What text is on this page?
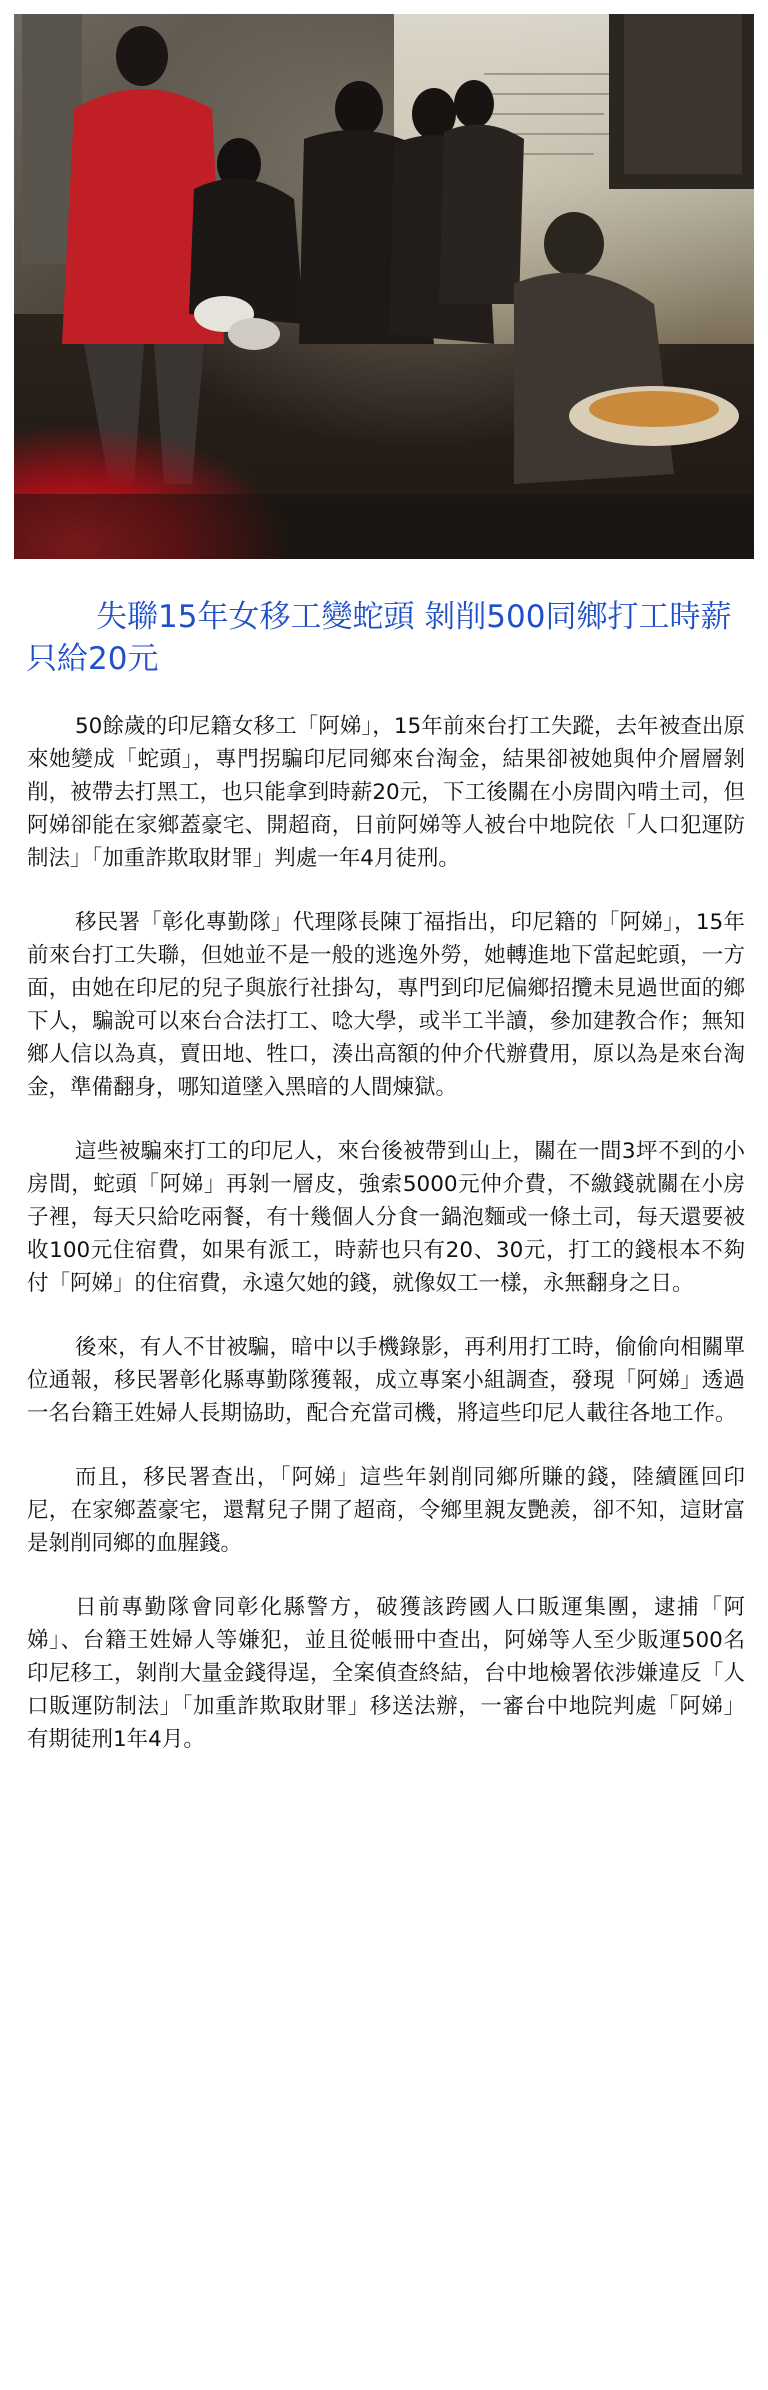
失聯15年女移工變蛇頭 剝削500同鄉打工時薪只給20元

50餘歲的印尼籍女移工「阿娣」，15年前來台打工失蹤，去年被查出原來她變成「蛇頭」，專門拐騙印尼同鄉來台淘金，結果卻被她與仲介層層剝削，被帶去打黑工，也只能拿到時薪20元，下工後關在小房間內啃土司，但阿娣卻能在家鄉蓋豪宅、開超商，日前阿娣等人被台中地院依「人口犯運防制法」「加重詐欺取財罪」判處一年4月徒刑。

移民署「彰化專勤隊」代理隊長陳丁福指出，印尼籍的「阿娣」，15年前來台打工失聯，但她並不是一般的逃逸外勞，她轉進地下當起蛇頭，一方面，由她在印尼的兒子與旅行社掛勾，專門到印尼偏鄉招攬未見過世面的鄉下人，騙說可以來台合法打工、唸大學，或半工半讀，參加建教合作；無知鄉人信以為真，賣田地、牲口，湊出高額的仲介代辦費用，原以為是來台淘金，準備翻身，哪知道墜入黑暗的人間煉獄。

這些被騙來打工的印尼人，來台後被帶到山上，關在一間3坪不到的小房間，蛇頭「阿娣」再剝一層皮，強索5000元仲介費，不繳錢就關在小房子裡，每天只給吃兩餐，有十幾個人分食一鍋泡麵或一條土司，每天還要被收100元住宿費，如果有派工，時薪也只有20、30元，打工的錢根本不夠付「阿娣」的住宿費，永遠欠她的錢，就像奴工一樣，永無翻身之日。

後來，有人不甘被騙，暗中以手機錄影，再利用打工時，偷偷向相關單位通報，移民署彰化縣專勤隊獲報，成立專案小組調查，發現「阿娣」透過一名台籍王姓婦人長期協助，配合充當司機，將這些印尼人載往各地工作。

而且，移民署查出，「阿娣」這些年剝削同鄉所賺的錢，陸續匯回印尼，在家鄉蓋豪宅，還幫兒子開了超商，令鄉里親友艷羨，卻不知，這財富是剝削同鄉的血腥錢。

日前專勤隊會同彰化縣警方，破獲該跨國人口販運集團，逮捕「阿娣」、台籍王姓婦人等嫌犯，並且從帳冊中查出，阿娣等人至少販運500名印尼移工，剝削大量金錢得逞，全案偵查終結，台中地檢署依涉嫌違反「人口販運防制法」「加重詐欺取財罪」移送法辦，一審台中地院判處「阿娣」有期徒刑1年4月。
